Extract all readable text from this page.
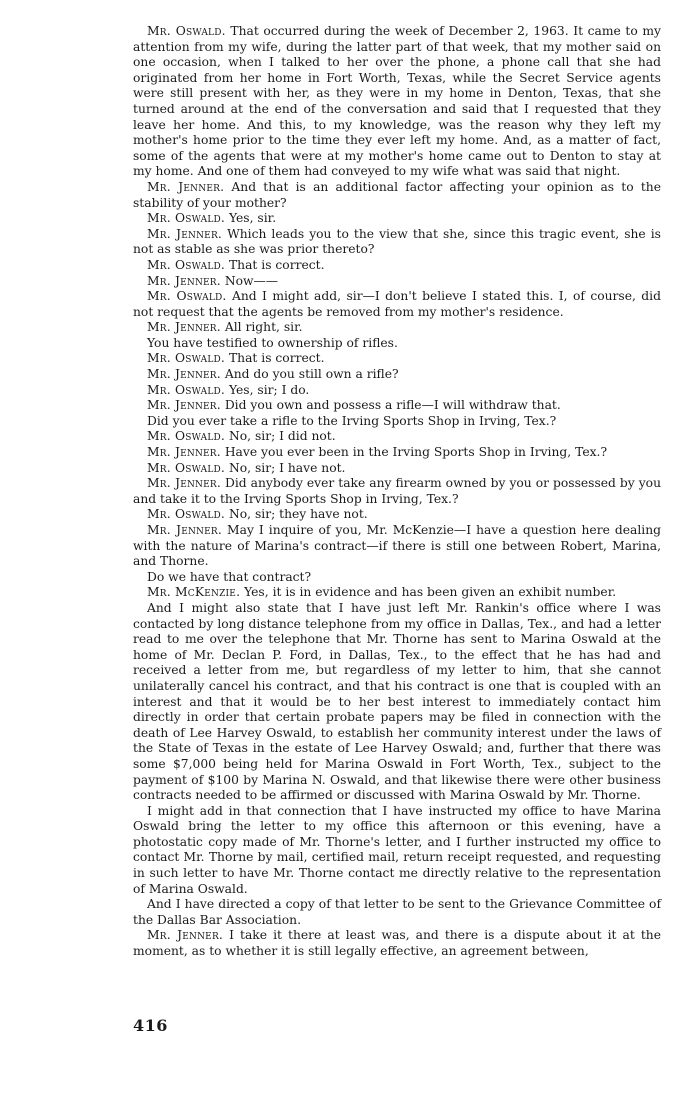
Mr. Oswald. That occurred during the week of December 2, 1963. It came to my attention from my wife, during the latter part of that week, that my mother said on one occasion, when I talked to her over the phone, a phone call that she had originated from her home in Fort Worth, Texas, while the Secret Service agents were still present with her, as they were in my home in Denton, Texas, that she turned around at the end of the conversation and said that I requested that they leave her home. And this, to my knowledge, was the reason why they left my mother's home prior to the time they ever left my home. And, as a matter of fact, some of the agents that were at my mother's home came out to Denton to stay at my home. And one of them had conveyed to my wife what was said that night.

Mr. Jenner. And that is an additional factor affecting your opinion as to the stability of your mother?

Mr. Oswald. Yes, sir.

Mr. Jenner. Which leads you to the view that she, since this tragic event, she is not as stable as she was prior thereto?

Mr. Oswald. That is correct.

Mr. Jenner. Now——

Mr. Oswald. And I might add, sir—I don't believe I stated this. I, of course, did not request that the agents be removed from my mother's residence.

Mr. Jenner. All right, sir.

You have testified to ownership of rifles.

Mr. Oswald. That is correct.

Mr. Jenner. And do you still own a rifle?

Mr. Oswald. Yes, sir; I do.

Mr. Jenner. Did you own and possess a rifle—I will withdraw that.

Did you ever take a rifle to the Irving Sports Shop in Irving, Tex.?

Mr. Oswald. No, sir; I did not.

Mr. Jenner. Have you ever been in the Irving Sports Shop in Irving, Tex.?

Mr. Oswald. No, sir; I have not.

Mr. Jenner. Did anybody ever take any firearm owned by you or possessed by you and take it to the Irving Sports Shop in Irving, Tex.?

Mr. Oswald. No, sir; they have not.

Mr. Jenner. May I inquire of you, Mr. McKenzie—I have a question here dealing with the nature of Marina's contract—if there is still one between Robert, Marina, and Thorne.

Do we have that contract?

Mr. McKenzie. Yes, it is in evidence and has been given an exhibit number.

And I might also state that I have just left Mr. Rankin's office where I was contacted by long distance telephone from my office in Dallas, Tex., and had a letter read to me over the telephone that Mr. Thorne has sent to Marina Oswald at the home of Mr. Declan P. Ford, in Dallas, Tex., to the effect that he has had and received a letter from me, but regardless of my letter to him, that she cannot unilaterally cancel his contract, and that his contract is one that is coupled with an interest and that it would be to her best interest to immediately contact him directly in order that certain probate papers may be filed in connection with the death of Lee Harvey Oswald, to establish her community interest under the laws of the State of Texas in the estate of Lee Harvey Oswald; and, further that there was some $7,000 being held for Marina Oswald in Fort Worth, Tex., subject to the payment of $100 by Marina N. Oswald, and that likewise there were other business contracts needed to be affirmed or discussed with Marina Oswald by Mr. Thorne.

I might add in that connection that I have instructed my office to have Marina Oswald bring the letter to my office this afternoon or this evening, have a photostatic copy made of Mr. Thorne's letter, and I further instructed my office to contact Mr. Thorne by mail, certified mail, return receipt requested, and requesting in such letter to have Mr. Thorne contact me directly relative to the representation of Marina Oswald.

And I have directed a copy of that letter to be sent to the Grievance Committee of the Dallas Bar Association.

Mr. Jenner. I take it there at least was, and there is a dispute about it at the moment, as to whether it is still legally effective, an agreement between,

416
